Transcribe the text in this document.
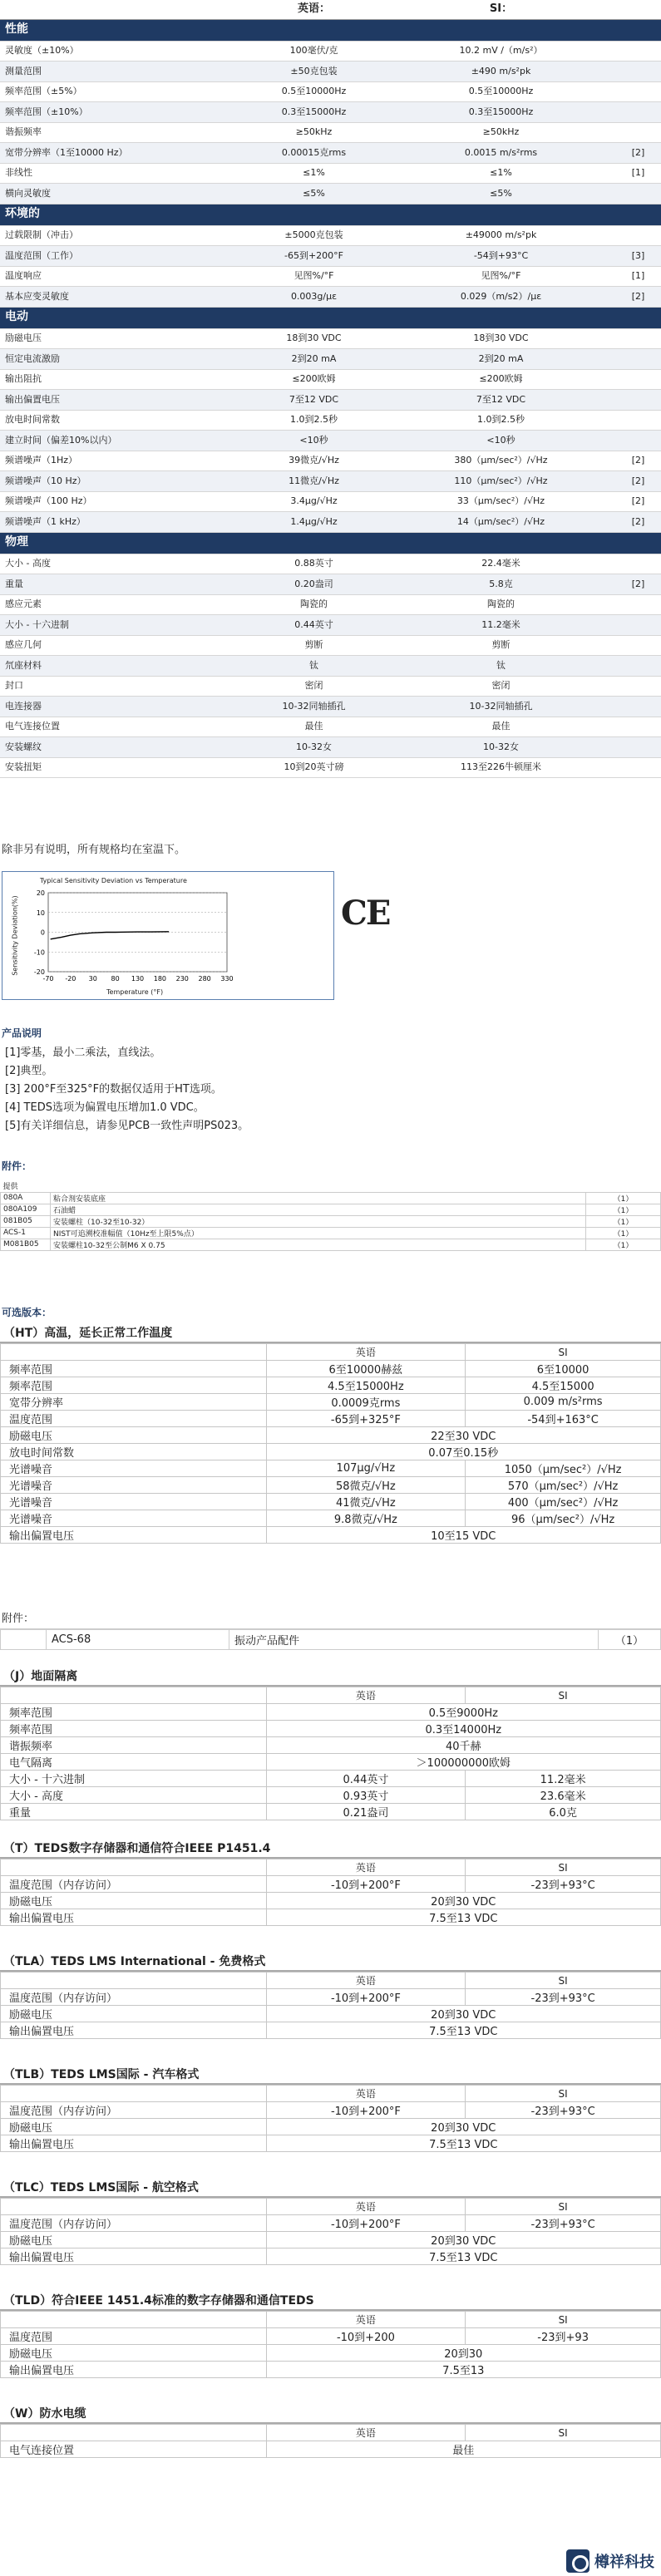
	英语：	SI：	
性能			
灵敏度（±10%）	100毫伏/克	10.2 mV /（m/s²）	
测量范围	±50克包装	±490 m/s²pk	
频率范围（±5%）	0.5至10000Hz	0.5至10000Hz	
频率范围（±10%）	0.3至15000Hz	0.3至15000Hz	
谐振频率	≥50kHz	≥50kHz	
宽带分辨率（1至10000 Hz）	0.00015克rms	0.0015 m/s²rms	[2]
非线性	≤1%	≤1%	[1]
横向灵敏度	≤5%	≤5%	
环境的			
过载限制（冲击）	±5000克包装	±49000 m/s²pk	
温度范围（工作）	-65到+200°F	-54到+93°C	[3]
温度响应	见图%/°F	见图%/°F	[1]
基本应变灵敏度	0.003g/µε	0.029（m/s2）/µε	[2]
电动			
励磁电压	18到30 VDC	18到30 VDC	
恒定电流激励	2到20 mA	2到20 mA	
输出阻抗	≤200欧姆	≤200欧姆	
输出偏置电压	7至12 VDC	7至12 VDC	
放电时间常数	1.0到2.5秒	1.0到2.5秒	
建立时间（偏差10%以内）	<10秒	<10秒	
频谱噪声（1Hz）	39微克/√Hz	380（µm/sec²）/√Hz	[2]
频谱噪声（10 Hz）	11微克/√Hz	110（µm/sec²）/√Hz	[2]
频谱噪声（100 Hz）	3.4µg/√Hz	33（µm/sec²）/√Hz	[2]
频谱噪声（1 kHz）	1.4µg/√Hz	14（µm/sec²）/√Hz	[2]
物理			
大小 - 高度	0.88英寸	22.4毫米	
重量	0.20盎司	5.8克	[2]
感应元素	陶瓷的	陶瓷的	
大小 - 十六进制	0.44英寸	11.2毫米	
感应几何	剪断	剪断	
氘座材料	钛	钛	
封口	密闭	密闭	
电连接器	10-32同轴插孔	10-32同轴插孔	
电气连接位置	最佳	最佳	
安装螺纹	10-32女	10-32女	
安装扭矩	10到20英寸磅	113至226牛顿厘米	
除非另有说明，所有规格均在室温下。
Typical Sensitivity Deviation vs Temperature
Sensitivity Deviation(%)
20
10
0
-10
-20
-70 -20 30 80 130 180 230 280 330
Temperature (°F)
CE
产品说明
[1]零基，最小二乘法，直线法。
[2]典型。
[3] 200°F至325°F的数据仅适用于HT选项。
[4] TEDS选项为偏置电压增加1.0 VDC。
[5]有关详细信息，请参见PCB一致性声明PS023。
附件：
提供		
080A	粘合剂安装底座	（1）
080A109	石油蜡	（1）
081B05	安装螺柱（10-32至10-32）	（1）
ACS-1	NIST可追溯校准幅值（10Hz至上限5%点）	（1）
M081B05	安装螺柱10-32至公制M6 X 0.75	（1）
可选版本：
（HT）高温，延长正常工作温度
	英语	SI
频率范围	6至10000赫兹	6至10000
频率范围	4.5至15000Hz	4.5至15000
宽带分辨率	0.0009克rms	0.009 m/s²rms
温度范围	-65到+325°F	-54到+163°C
励磁电压	22至30 VDC	
放电时间常数	0.07至0.15秒	
光谱噪音	107µg/√Hz	1050（µm/sec²）/√Hz
光谱噪音	58微克/√Hz	570（µm/sec²）/√Hz
光谱噪音	41微克/√Hz	400（µm/sec²）/√Hz
光谱噪音	9.8微克/√Hz	96（µm/sec²）/√Hz
输出偏置电压	10至15 VDC	
附件：
	ACS-68	振动产品配件	（1）
（J）地面隔离
	英语	SI
频率范围	0.5至9000Hz	
频率范围	0.3至14000Hz	
谐振频率	40千赫	
电气隔离	＞100000000欧姆	
大小 - 十六进制	0.44英寸	11.2毫米
大小 - 高度	0.93英寸	23.6毫米
重量	0.21盎司	6.0克
（T）TEDS数字存储器和通信符合IEEE P1451.4
	英语	SI
温度范围（内存访问）	-10到+200°F	-23到+93°C
励磁电压	20到30 VDC	
输出偏置电压	7.5至13 VDC	
（TLA）TEDS LMS International - 免费格式
	英语	SI
温度范围（内存访问）	-10到+200°F	-23到+93°C
励磁电压	20到30 VDC	
输出偏置电压	7.5至13 VDC	
（TLB）TEDS LMS国际 - 汽车格式
	英语	SI
温度范围（内存访问）	-10到+200°F	-23到+93°C
励磁电压	20到30 VDC	
输出偏置电压	7.5至13 VDC	
（TLC）TEDS LMS国际 - 航空格式
	英语	SI
温度范围（内存访问）	-10到+200°F	-23到+93°C
励磁电压	20到30 VDC	
输出偏置电压	7.5至13 VDC	
（TLD）符合IEEE 1451.4标准的数字存储器和通信TEDS
	英语	SI
温度范围	-10到+200	-23到+93
励磁电压	20到30	
输出偏置电压	7.5至13	
（W）防水电缆
	英语	SI
电气连接位置	最佳	
樽祥科技
